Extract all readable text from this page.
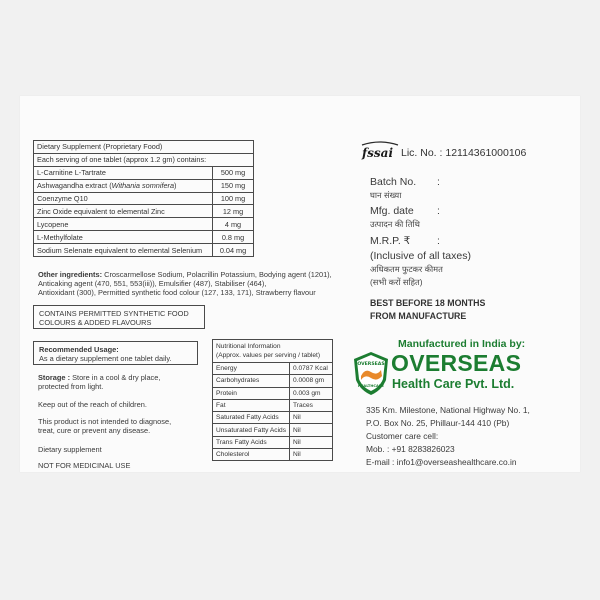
Dietary Supplement (Proprietary Food)	
Each serving of one tablet (approx 1.2 gm) contains:	
L-Carnitine L-Tartrate	500 mg
Ashwagandha extract (Withania somnifera)	150 mg
Coenzyme Q10	100 mg
Zinc Oxide equivalent to elemental Zinc	12 mg
Lycopene	4 mg
L-Methylfolate	0.8 mg
Sodium Selenate equivalent to elemental Selenium	0.04 mg
Other ingredients: Croscarmellose Sodium, Polacrillin Potassium, Bodying agent (1201),
Anticaking agent (470, 551, 553(iii)), Emulsifier (487), Stabiliser (464),
Antioxidant (300), Permitted synthetic food colour (127, 133, 171), Strawberry flavour
CONTAINS PERMITTED SYNTHETIC FOOD
COLOURS & ADDED FLAVOURS
Recommended Usage:
As a dietary supplement one tablet daily.
Storage : Store in a cool & dry place,
protected from light.
Keep out of the reach of children.
This product is not intended to diagnose,
treat, cure or prevent any disease.
Dietary supplement
NOT FOR MEDICINAL USE
Nutritional Information
(Approx. values per serving / tablet)	

Energy	0.0787 Kcal
Carbohydrates	0.0008 gm
Protein	0.003 gm
Fat	Traces
Saturated Fatty Acids	Nil
Unsaturated Fatty Acids	Nil
Trans Fatty Acids	Nil
Cholesterol	Nil
fssai Lic. No. : 12114361000106
Batch No. :
घान संख्या
Mfg. date :
उत्पादन की तिथि
M.R.P. ₹	:
(Inclusive of all taxes)
अधिकतम फुटकर कीमत
(सभी करों सहित)
BEST BEFORE 18 MONTHS
FROM MANUFACTURE
Manufactured in India by:
OVERSEAS
HEALTHCARE
OVERSEAS
Health Care Pvt. Ltd.
335 Km. Milestone, National Highway No. 1,
P.O. Box No. 25, Phillaur-144 410 (Pb)
Customer care cell:
Mob. : +91 8283826023
E-mail : info1@overseashealthcare.co.in
